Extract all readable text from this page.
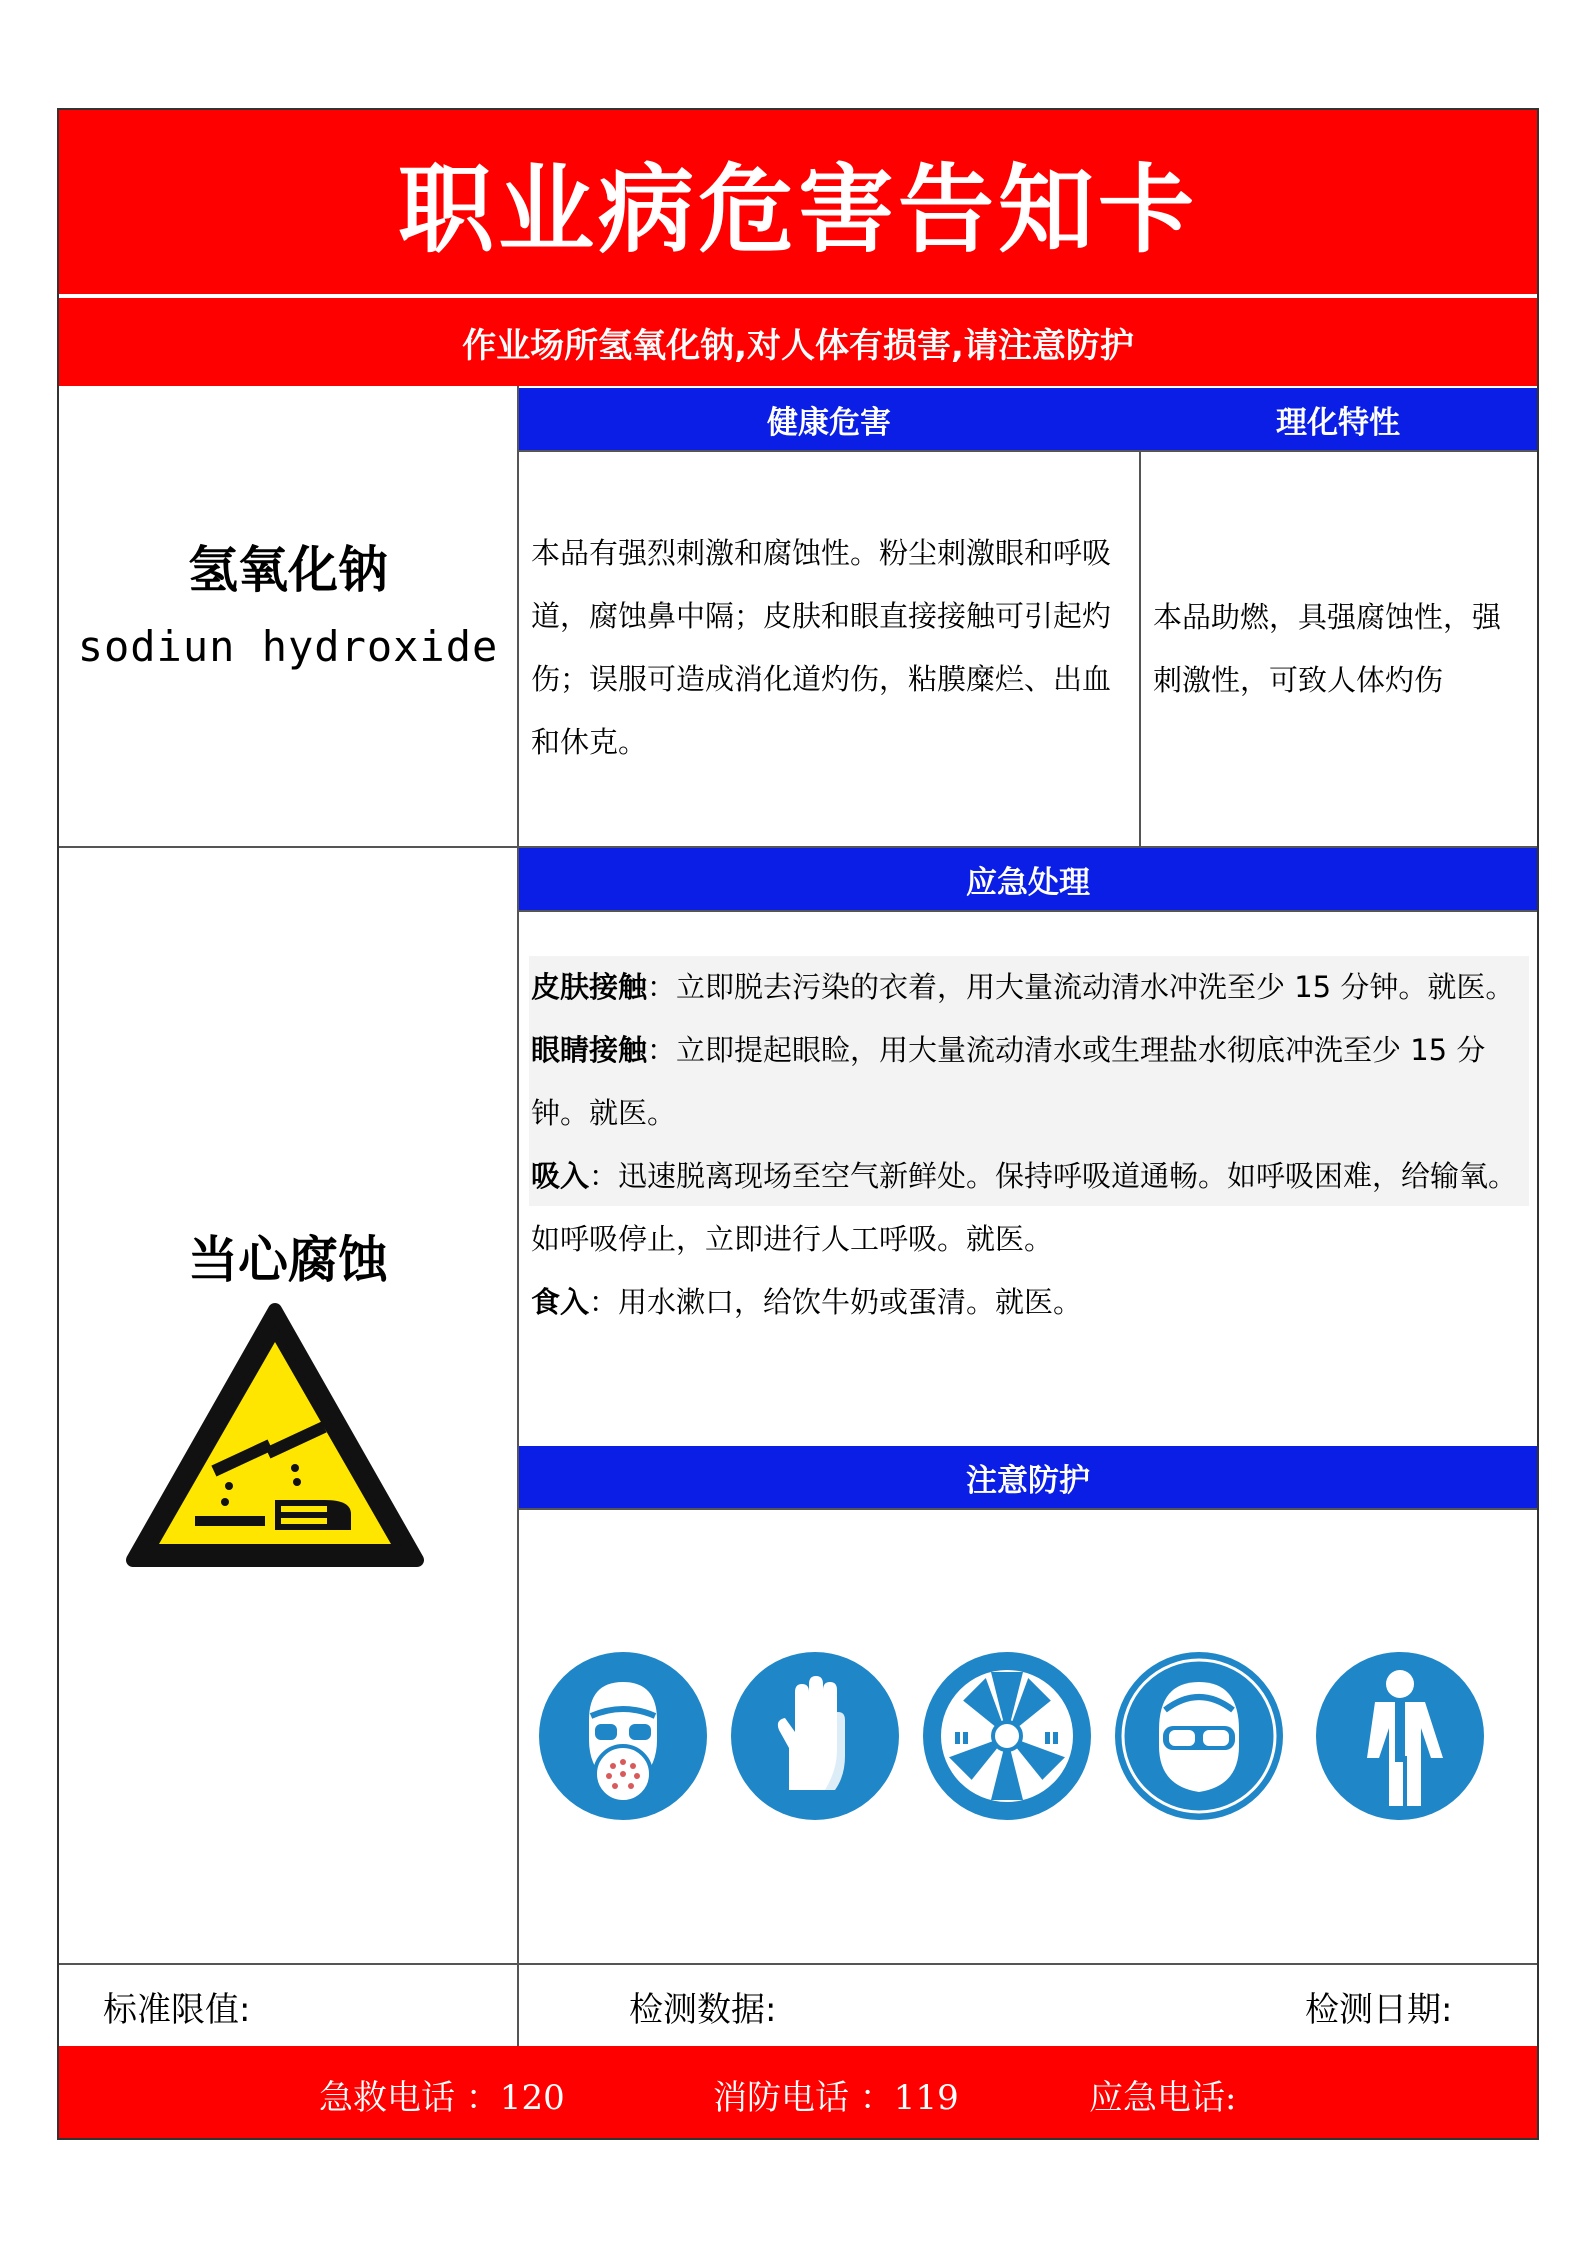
职业病危害告知卡
作业场所氢氧化钠,对人体有损害,请注意防护
氢氧化钠
sodiun hydroxide
健康危害	理化特性
本品有强烈刺激和腐蚀性。粉尘刺激眼和呼吸道，腐蚀鼻中隔；皮肤和眼直接接触可引起灼伤；误服可造成消化道灼伤，粘膜糜烂、出血和休克。
本品助燃，具强腐蚀性，强刺激性，可致人体灼伤
当心腐蚀
应急处理

皮肤接触：立即脱去污染的衣着，用大量流动清水冲洗至少 15 分钟。就医。

眼睛接触：立即提起眼睑，用大量流动清水或生理盐水彻底冲洗至少 15 分钟。就医。

吸入：迅速脱离现场至空气新鲜处。保持呼吸道通畅。如呼吸困难，给输氧。如呼吸停止，立即进行人工呼吸。就医。

食入：用水漱口，给饮牛奶或蛋清。就医。

注意防护
标准限值:	检测数据:	检测日期:
急救电话 ：120	消防电话 ：119	应急电话:
